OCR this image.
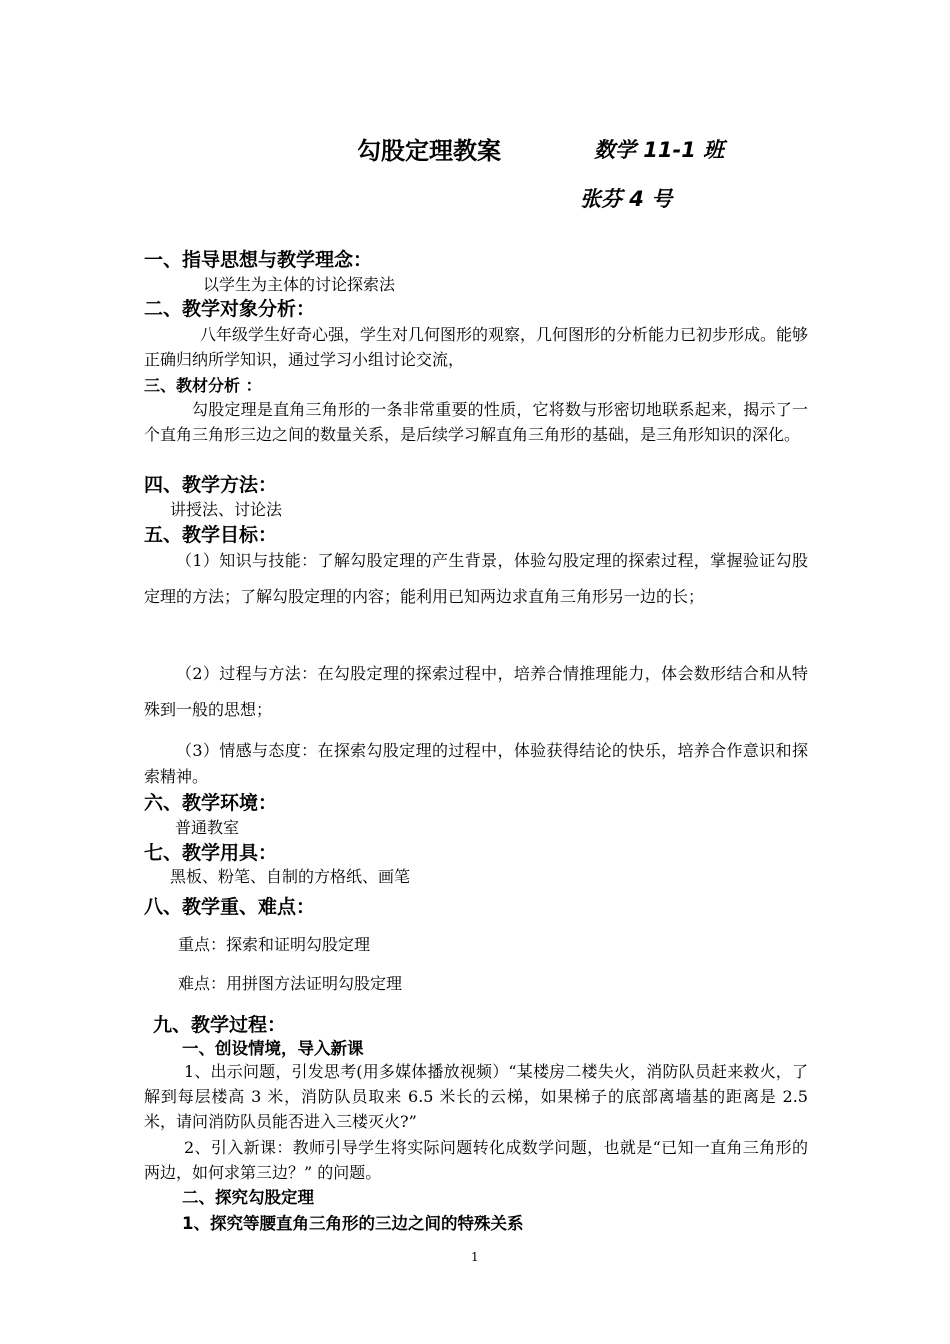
勾股定理教案	数学 11-1 班
张芬 4 号
一、指导思想与教学理念：
以学生为主体的讨论探索法
二、教学对象分析：
八年级学生好奇心强，学生对几何图形的观察，几何图形的分析能力已初步形成。能够正确归纳所学知识，通过学习小组讨论交流，
三、教材分析 ：
勾股定理是直角三角形的一条非常重要的性质，它将数与形密切地联系起来，揭示了一个直角三角形三边之间的数量关系，是后续学习解直角三角形的基础，是三角形知识的深化。
四、教学方法：
讲授法、讨论法
五、教学目标：
（1）知识与技能：了解勾股定理的产生背景，体验勾股定理的探索过程，掌握验证勾股定理的方法；了解勾股定理的内容；能利用已知两边求直角三角形另一边的长；
（2）过程与方法：在勾股定理的探索过程中，培养合情推理能力，体会数形结合和从特殊到一般的思想；
（3）情感与态度：在探索勾股定理的过程中，体验获得结论的快乐，培养合作意识和探索精神。
六、教学环境：
普通教室
七、教学用具：
黑板、粉笔、自制的方格纸、画笔
八、教学重、难点：
重点：探索和证明勾股定理
难点：用拼图方法证明勾股定理
九、教学过程：
一、创设情境，导入新课
1、出示问题，引发思考(用多媒体播放视频）“某楼房二楼失火，消防队员赶来救火，了解到每层楼高 3 米，消防队员取来 6.5 米长的云梯，如果梯子的底部离墙基的距离是 2.5 米，请问消防队员能否进入三楼灭火?”
2、引入新课：教师引导学生将实际问题转化成数学问题，也就是“已知一直角三角形的两边，如何求第三边？” 的问题。
二、探究勾股定理
1、探究等腰直角三角形的三边之间的特殊关系
1
